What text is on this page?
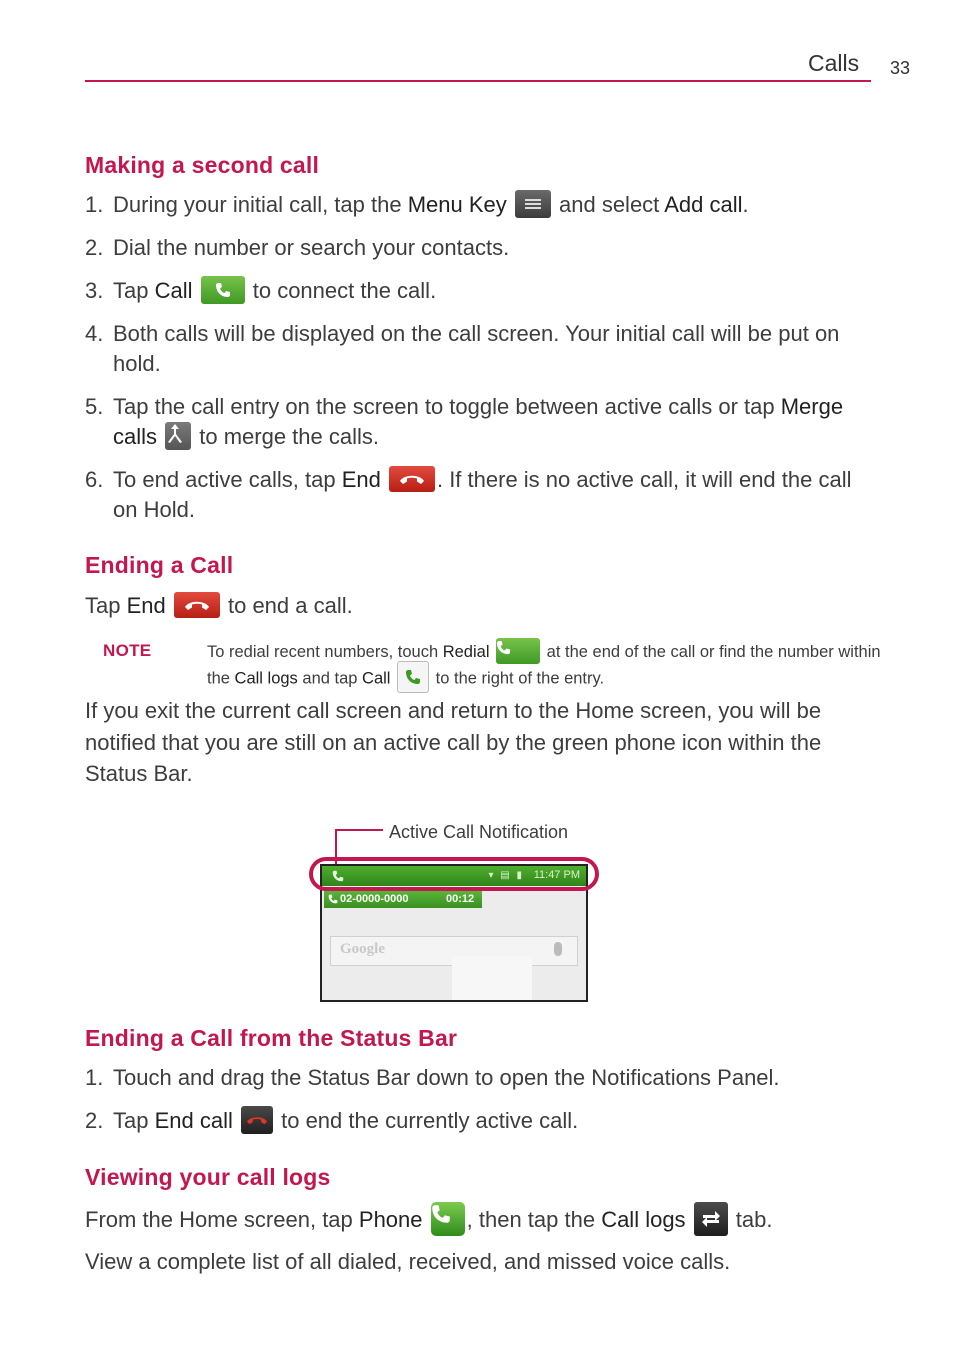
Calls 33
Making a second call
1. During your initial call, tap the Menu Key
and select Add call.
2. Dial the number or search your contacts.
3. Tap Call
to connect the call.
4. Both calls will be displayed on the call screen. Your initial call will be put on hold.
5. Tap the call entry on the screen to toggle between active calls or tap Merge calls  to merge the calls.
6. To end active calls, tap End	. If there is no active call, it will end the call on Hold.
Ending a Call
Tap End	to end a call.
NOTE	To redial recent numbers, touch Redial	at the end of the call or find the number within the Call logs and tap Call
to the right of the entry.
If you exit the current call screen and return to the Home screen, you will be notified that you are still on an active call by the green phone icon within the Status Bar.
Active Call Notification
▾ ▤ ▮ 11:47 PM
02-0000-0000	00:12
Google
Ending a Call from the Status Bar
1. Touch and drag the Status Bar down to open the Notifications Panel.
2. Tap End call
to end the currently active call.
Viewing your call logs
From the Home screen, tap Phone , then tap the Call logs
tab.
View a complete list of all dialed, received, and missed voice calls.
